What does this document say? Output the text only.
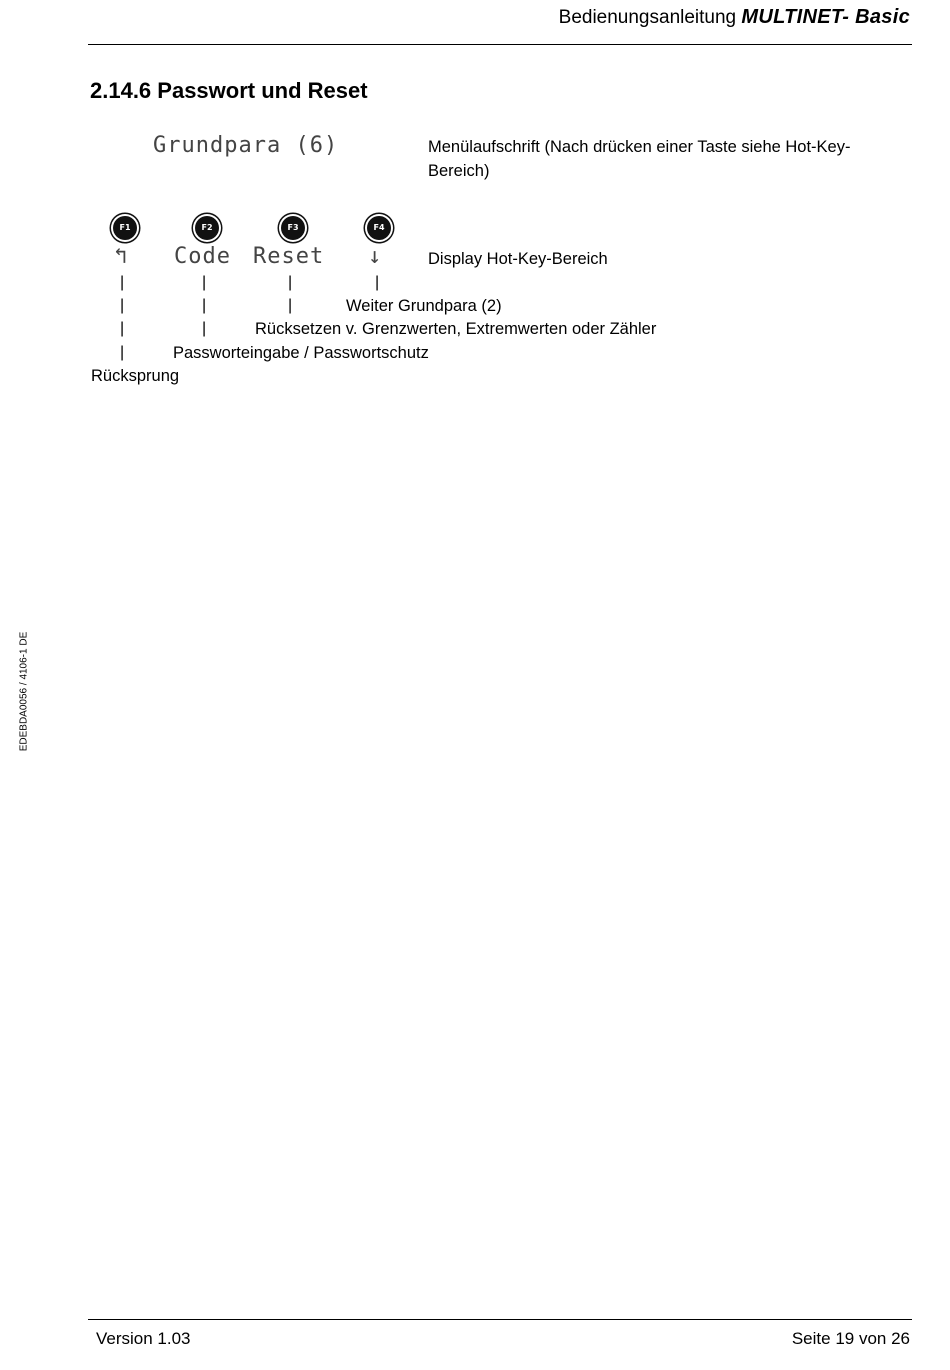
Bedienungsanleitung MULTINET- Basic
2.14.6 Passwort und Reset
Grundpara (6)	Menülaufschrift (Nach drücken einer Taste siehe Hot-Key-Bereich)
F1	F2	F3	F4
↰ Code Reset ↓	Display Hot-Key-Bereich
|	|	|	|
|	|	|	Weiter Grundpara (2)
|	|	Rücksetzen v. Grenzwerten, Extremwerten oder Zähler
|	Passworteingabe / Passwortschutz
Rücksprung
EDEBDA0056 / 4106-1 DE
Version 1.03	Seite 19 von 26
